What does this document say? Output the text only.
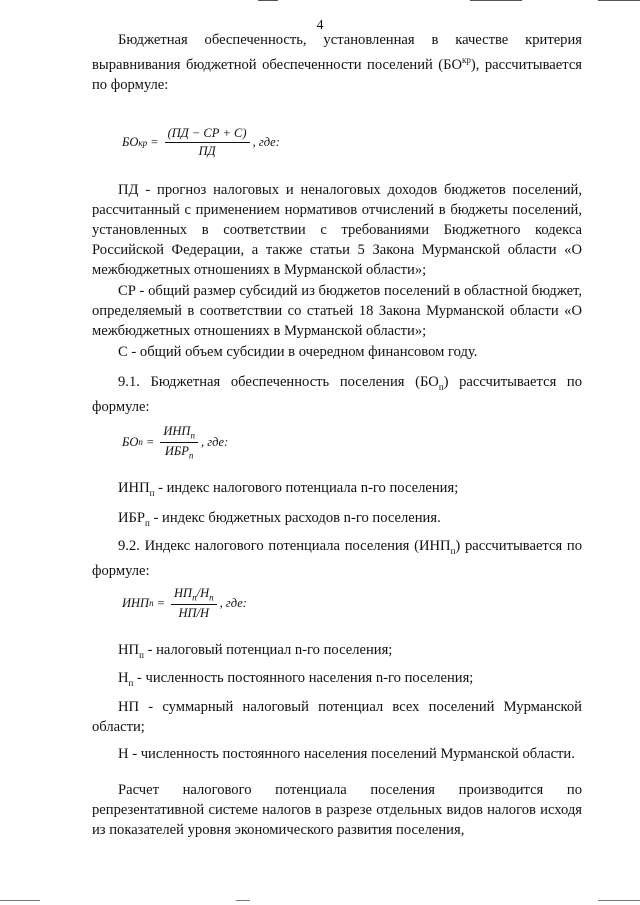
4

Бюджетная обеспеченность, установленная в качестве критерия выравнивания бюджетной обеспеченности поселений $(БО^{кр})$, рассчитывается по формуле:

БО кр = $\frac{(ПД - СР + С)}{ПД}$ , где:

ПД - прогноз налоговых и неналоговых доходов бюджетов поселений, рассчитанный с применением нормативов отчислений в бюджеты поселений, установленных в соответствии с требованиями Бюджетного кодекса Российской Федерации, а также статьи 5 Закона Мурманской области «О межбюджетных отношениях в Мурманской области»;

СР - общий размер субсидий из бюджетов поселений в областной бюджет, определяемый в соответствии со статьей 18 Закона Мурманской области «О межбюджетных отношениях в Мурманской области»;

С - общий объем субсидии в очередном финансовом году.

9.1. Бюджетная обеспеченность поселения $(БО_п)$ рассчитывается по формуле:

БО $п = \frac{ИНП_п}{ИБР_п}$ , где:

$ИНП_п$ - индекс налогового потенциала n-го поселения;

$ИБР_п$ - индекс бюджетных расходов n-го поселения.

9.2. Индекс налогового потенциала поселения $(ИНП_п)$ рассчитывается по формуле:

ИНП $п = \frac{НП_п/Н_п}{НП/Н}$ , где:

$НП_п$ - налоговый потенциал n-го поселения;

$Н_п$ - численность постоянного населения n-го поселения;

НП - суммарный налоговый потенциал всех поселений Мурманской области;

Н - численность постоянного населения поселений Мурманской области.

Расчет налогового потенциала поселения производится по репрезентативной системе налогов в разрезе отдельных видов налогов исходя из показателей уровня экономического развития поселения,
